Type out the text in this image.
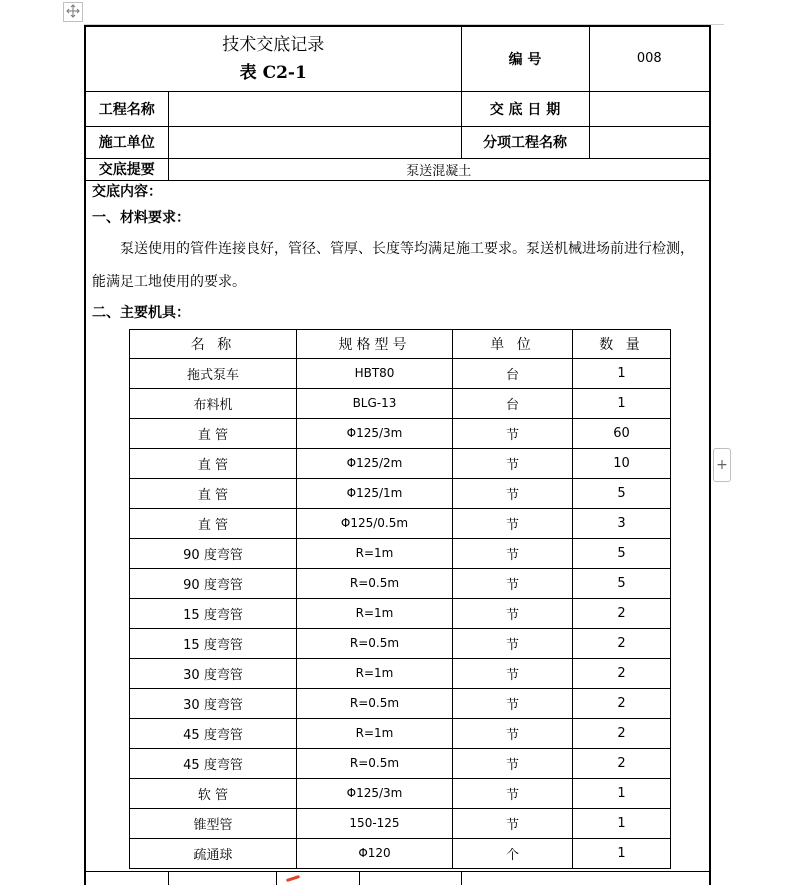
+
技术交底记录
表 C2-1		编 号	008
工程名称		交 底 日 期	
施工单位		分项工程名称	
交底提要	泵送混凝土		
交底内容：
一、材料要求：

泵送使用的管件连接良好，管径、管厚、长度等均满足施工要求。泵送机械进场前进行检测，能满足工地使用的要求。

二、主要机具：
名 称	规格型号	单 位	数 量
拖式泵车	HBT80	台	1
布料机	BLG-13	台	1
直 管	Φ125/3m	节	60
直 管	Φ125/2m	节	10
直 管	Φ125/1m	节	5
直 管	Φ125/0.5m	节	3
90 度弯管	R=1m	节	5
90 度弯管	R=0.5m	节	5
15 度弯管	R=1m	节	2
15 度弯管	R=0.5m	节	2
30 度弯管	R=1m	节	2
30 度弯管	R=0.5m	节	2
45 度弯管	R=1m	节	2
45 度弯管	R=0.5m	节	2
软 管	Φ125/3m	节	1
锥型管	150-125	节	1
疏通球	Φ120	个	1
